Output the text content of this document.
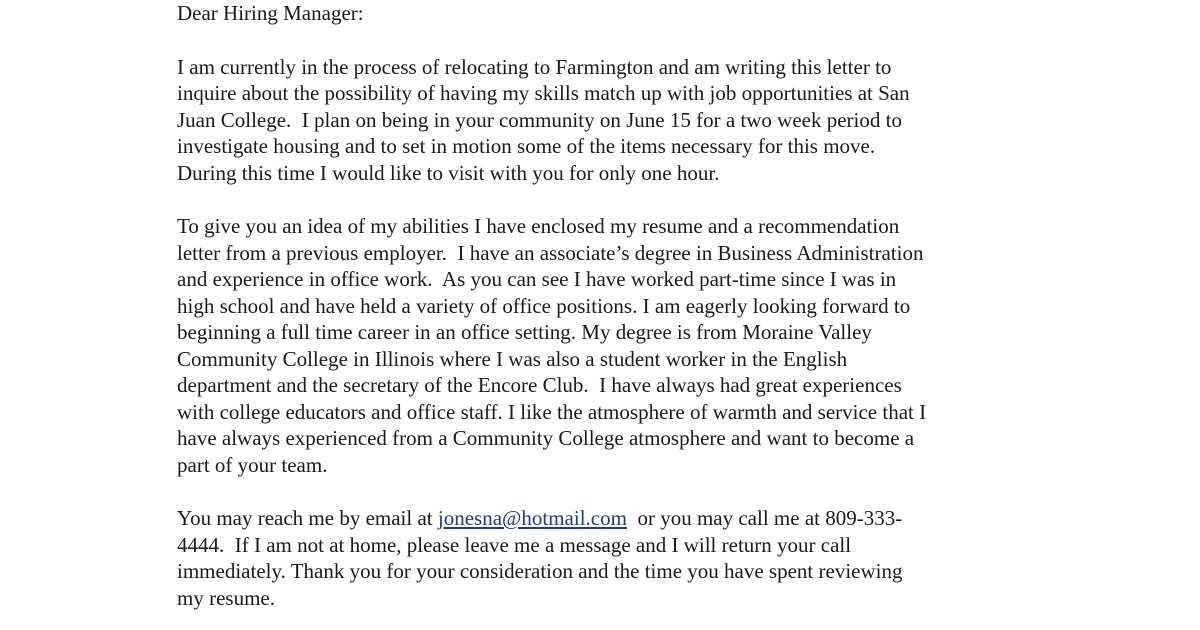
Dear Hiring Manager:
I am currently in the process of relocating to Farmington and am writing this letter to
inquire about the possibility of having my skills match up with job opportunities at San
Juan College.  I plan on being in your community on June 15 for a two week period to
investigate housing and to set in motion some of the items necessary for this move.
During this time I would like to visit with you for only one hour.
To give you an idea of my abilities I have enclosed my resume and a recommendation
letter from a previous employer.  I have an associate’s degree in Business Administration
and experience in office work.  As you can see I have worked part-time since I was in
high school and have held a variety of office positions. I am eagerly looking forward to
beginning a full time career in an office setting. My degree is from Moraine Valley
Community College in Illinois where I was also a student worker in the English
department and the secretary of the Encore Club.  I have always had great experiences
with college educators and office staff. I like the atmosphere of warmth and service that I
have always experienced from a Community College atmosphere and want to become a
part of your team.
You may reach me by email at jonesna@hotmail.com  or you may call me at 809-333-
4444.  If I am not at home, please leave me a message and I will return your call
immediately. Thank you for your consideration and the time you have spent reviewing
my resume.
